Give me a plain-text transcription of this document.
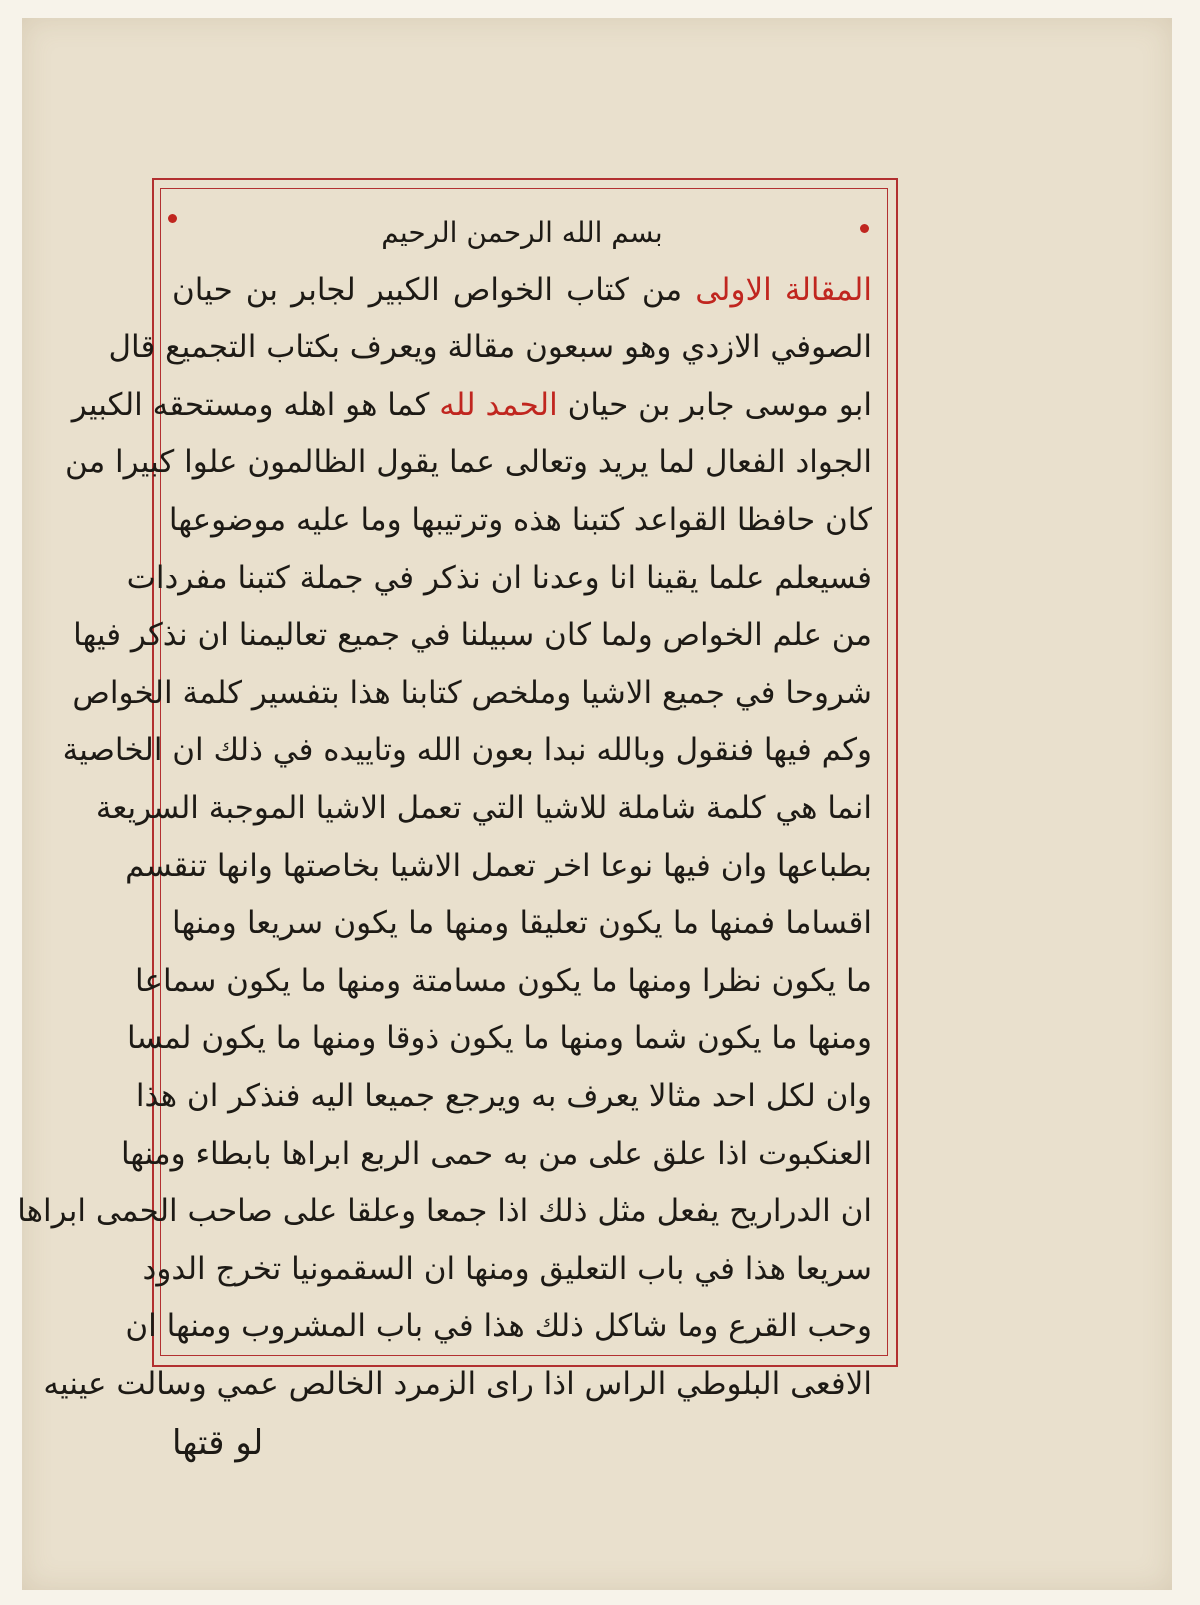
بسم الله الرحمن الرحيم
المقالة الاولى من كتاب الخواص الكبير لجابر بن حيان
الصوفي الازدي وهو سبعون مقالة ويعرف بكتاب التجميع قال
ابو موسى جابر بن حيان الحمد لله كما هو اهله ومستحقه الكبير
الجواد الفعال لما يريد وتعالى عما يقول الظالمون علوا كبيرا من
كان حافظا القواعد كتبنا هذه وترتيبها وما عليه موضوعها
فسيعلم علما يقينا انا وعدنا ان نذكر في جملة كتبنا مفردات
من علم الخواص ولما كان سبيلنا في جميع تعاليمنا ان نذكر فيها
شروحا في جميع الاشيا وملخص كتابنا هذا بتفسير كلمة الخواص
وكم فيها فنقول وبالله نبدا بعون الله وتاييده في ذلك ان الخاصية
انما هي كلمة شاملة للاشيا التي تعمل الاشيا الموجبة السريعة
بطباعها وان فيها نوعا اخر تعمل الاشيا بخاصتها وانها تنقسم
اقساما فمنها ما يكون تعليقا ومنها ما يكون سريعا ومنها
ما يكون نظرا ومنها ما يكون مسامتة ومنها ما يكون سماعا
ومنها ما يكون شما ومنها ما يكون ذوقا ومنها ما يكون لمسا
وان لكل احد مثالا يعرف به ويرجع جميعا اليه فنذكر ان هذا
العنكبوت اذا علق على من به حمى الربع ابراها بابطاء ومنها
ان الدراريح يفعل مثل ذلك اذا جمعا وعلقا على صاحب الحمى ابراها
سريعا هذا في باب التعليق ومنها ان السقمونيا تخرج الدود
وحب القرع وما شاكل ذلك هذا في باب المشروب ومنها ان
الافعى البلوطي الراس اذا راى الزمرد الخالص عمي وسالت عينيه
لو قتها
